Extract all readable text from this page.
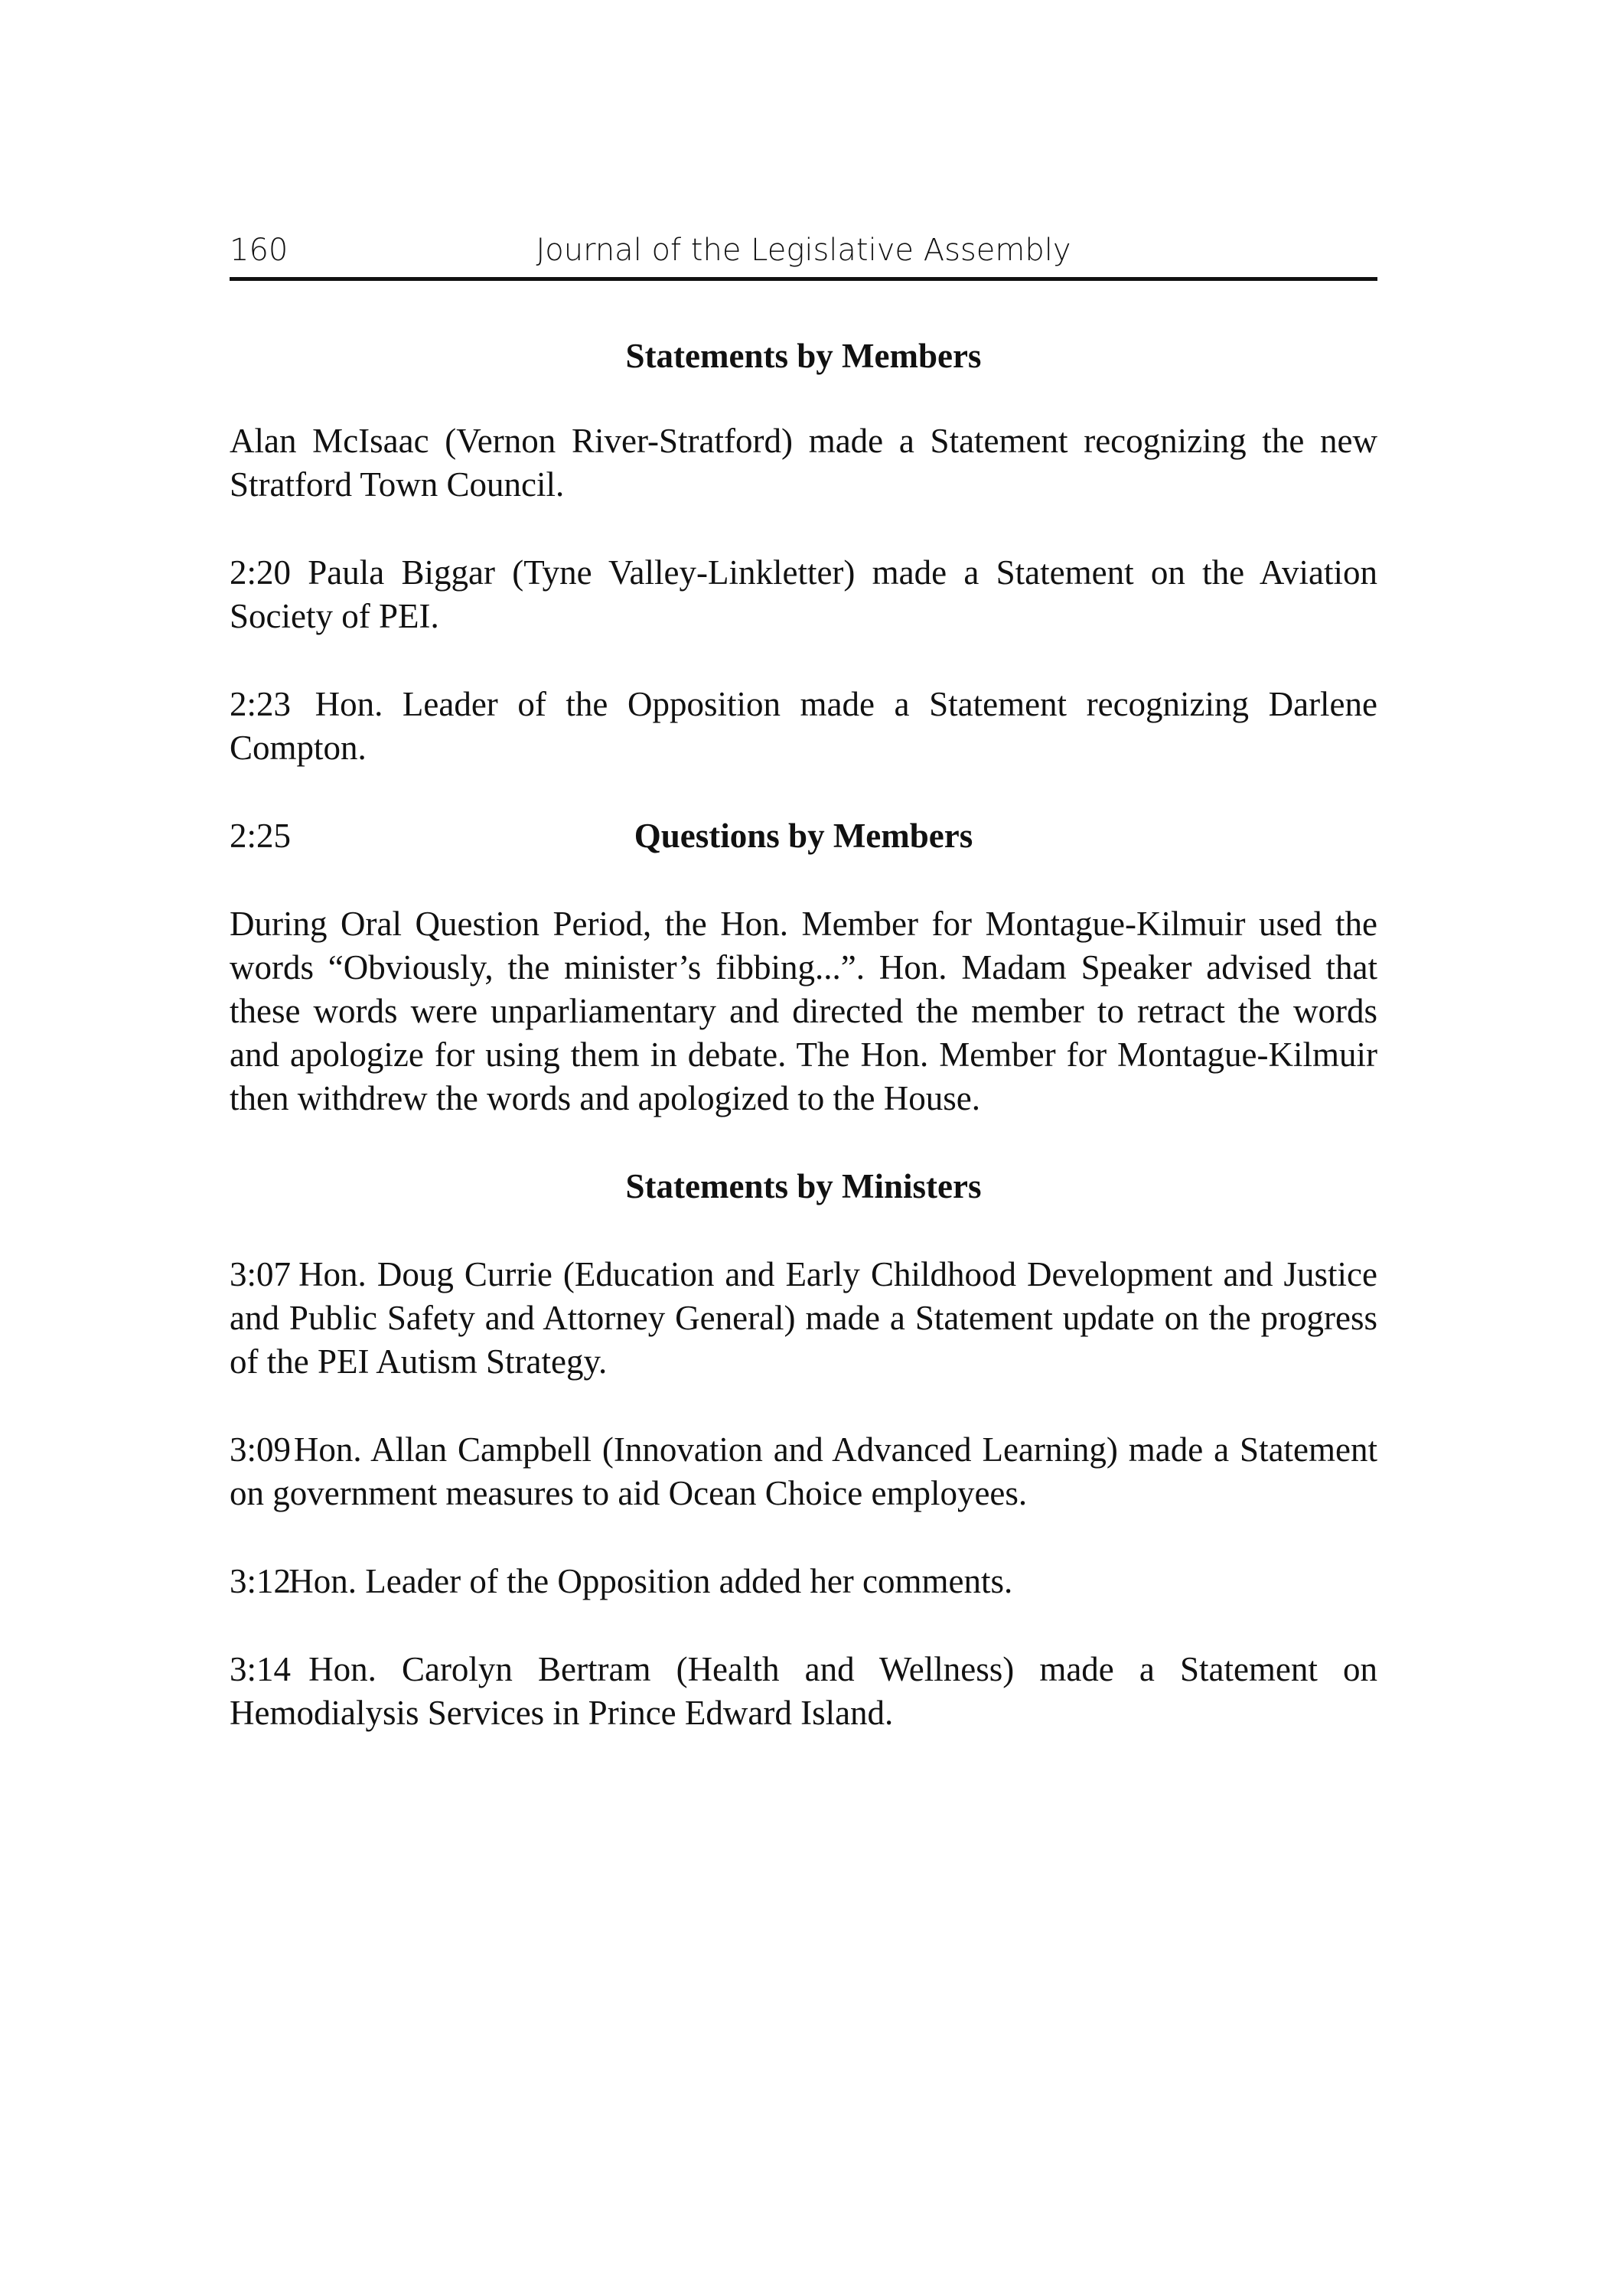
160	Journal of the Legislative Assembly
Statements by Members
Alan McIsaac (Vernon River-Stratford) made a Statement recognizing the new Stratford Town Council.
2:20 Paula Biggar (Tyne Valley-Linkletter) made a Statement on the Aviation Society of PEI.
2:23 Hon. Leader of the Opposition made a Statement recognizing Darlene Compton.
2:25	Questions by Members
During Oral Question Period, the Hon. Member for Montague-Kilmuir used the words “Obviously, the minister’s fibbing...”. Hon. Madam Speaker advised that these words were unparliamentary and directed the member to retract the words and apologize for using them in debate. The Hon. Member for Montague-Kilmuir then withdrew the words and apologized to the House.
Statements by Ministers
3:07 Hon. Doug Currie (Education and Early Childhood Development and Justice and Public Safety and Attorney General) made a Statement update on the progress of the PEI Autism Strategy.
3:09 Hon. Allan Campbell (Innovation and Advanced Learning) made a Statement on government measures to aid Ocean Choice employees.
3:12 Hon. Leader of the Opposition added her comments.
3:14 Hon. Carolyn Bertram (Health and Wellness) made a Statement on Hemodialysis Services in Prince Edward Island.
